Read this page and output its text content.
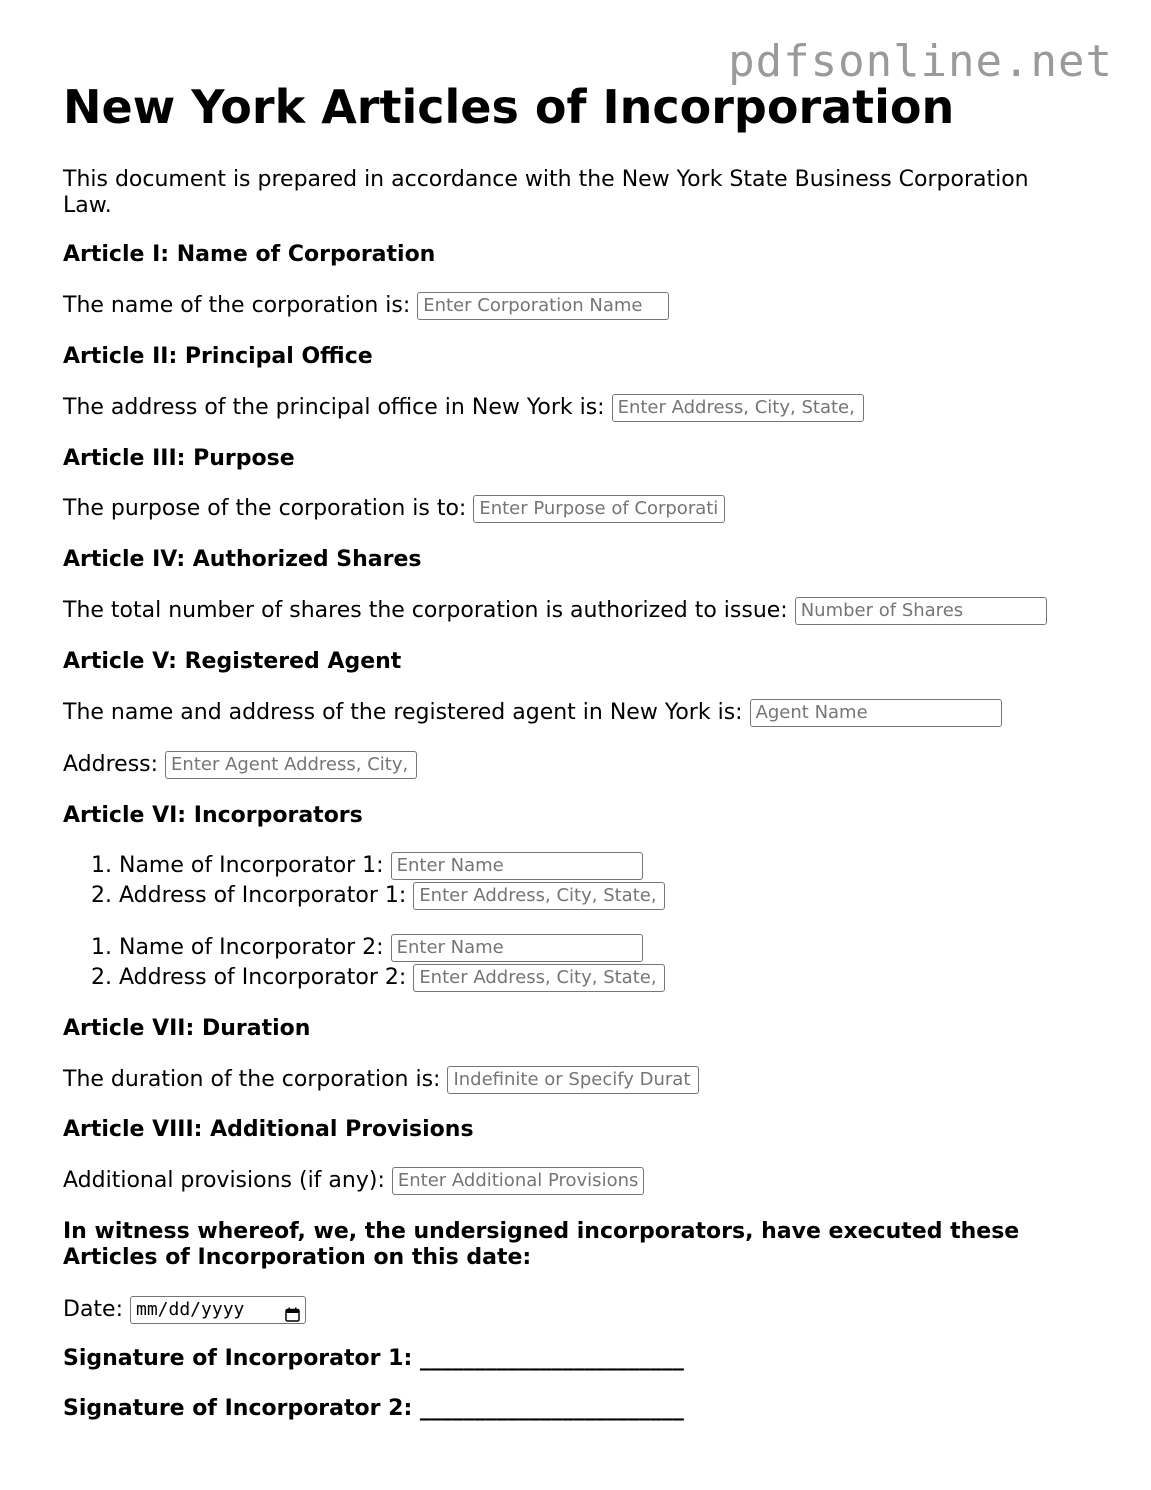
pdfsonline.net
New York Articles of Incorporation

This document is prepared in accordance with the New York State Business Corporation Law.

Article I: Name of Corporation

The name of the corporation is: Enter Corporation Name

Article II: Principal Office

The address of the principal office in New York is: Enter Address, City, State,

Article III: Purpose

The purpose of the corporation is to: Enter Purpose of Corporati

Article IV: Authorized Shares

The total number of shares the corporation is authorized to issue: Number of Shares

Article V: Registered Agent

The name and address of the registered agent in New York is: Agent Name
Address: Enter Agent Address, City,

Article VI: Incorporators

1. Name of Incorporator 1: Enter Name
2. Address of Incorporator 1: Enter Address, City, State,
1. Name of Incorporator 2: Enter Name
2. Address of Incorporator 2: Enter Address, City, State,

Article VII: Duration

The duration of the corporation is: Indefinite or Specify Durat

Article VIII: Additional Provisions

Additional provisions (if any): Enter Additional Provisions

In witness whereof, we, the undersigned incorporators, have executed these Articles of Incorporation on this date:

Date: mm/dd/yyyy
Signature of Incorporator 1: ________________________
Signature of Incorporator 2: ________________________
